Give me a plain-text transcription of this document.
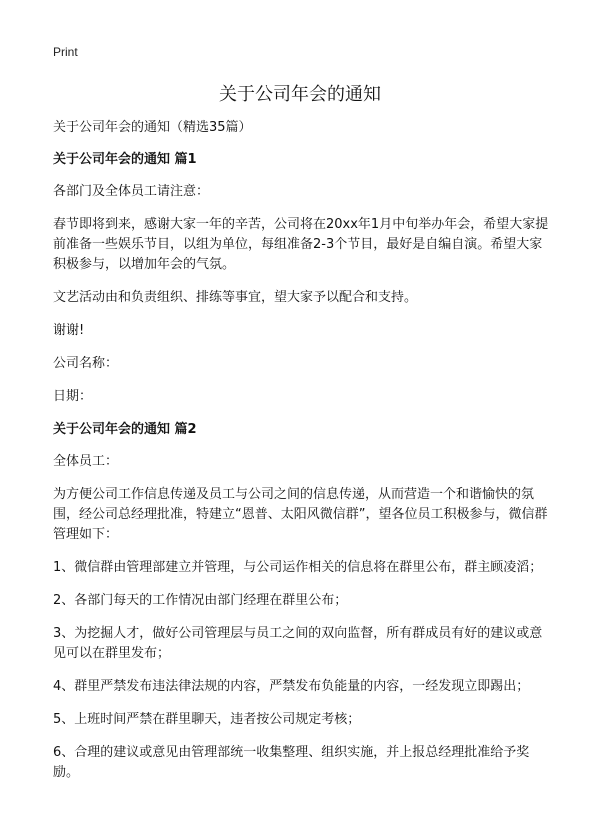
Print
关于公司年会的通知

关于公司年会的通知（精选35篇）

关于公司年会的通知 篇1

各部门及全体员工请注意：

春节即将到来，感谢大家一年的辛苦，公司将在20xx年1月中旬举办年会，希望大家提前准备一些娱乐节目，以组为单位，每组准备2-3个节目，最好是自编自演。希望大家积极参与，以增加年会的气氛。

文艺活动由和负责组织、排练等事宜，望大家予以配合和支持。

谢谢!

公司名称：

日期：

关于公司年会的通知 篇2

全体员工：

为方便公司工作信息传递及员工与公司之间的信息传递，从而营造一个和谐愉快的氛围，经公司总经理批准，特建立“恩普、太阳风微信群”，望各位员工积极参与，微信群管理如下：

1、微信群由管理部建立并管理，与公司运作相关的信息将在群里公布，群主顾凌滔；

2、各部门每天的工作情况由部门经理在群里公布；

3、为挖掘人才，做好公司管理层与员工之间的双向监督，所有群成员有好的建议或意见可以在群里发布；

4、群里严禁发布违法律法规的内容，严禁发布负能量的内容，一经发现立即踢出；

5、上班时间严禁在群里聊天，违者按公司规定考核；

6、合理的建议或意见由管理部统一收集整理、组织实施，并上报总经理批准给予奖励。
